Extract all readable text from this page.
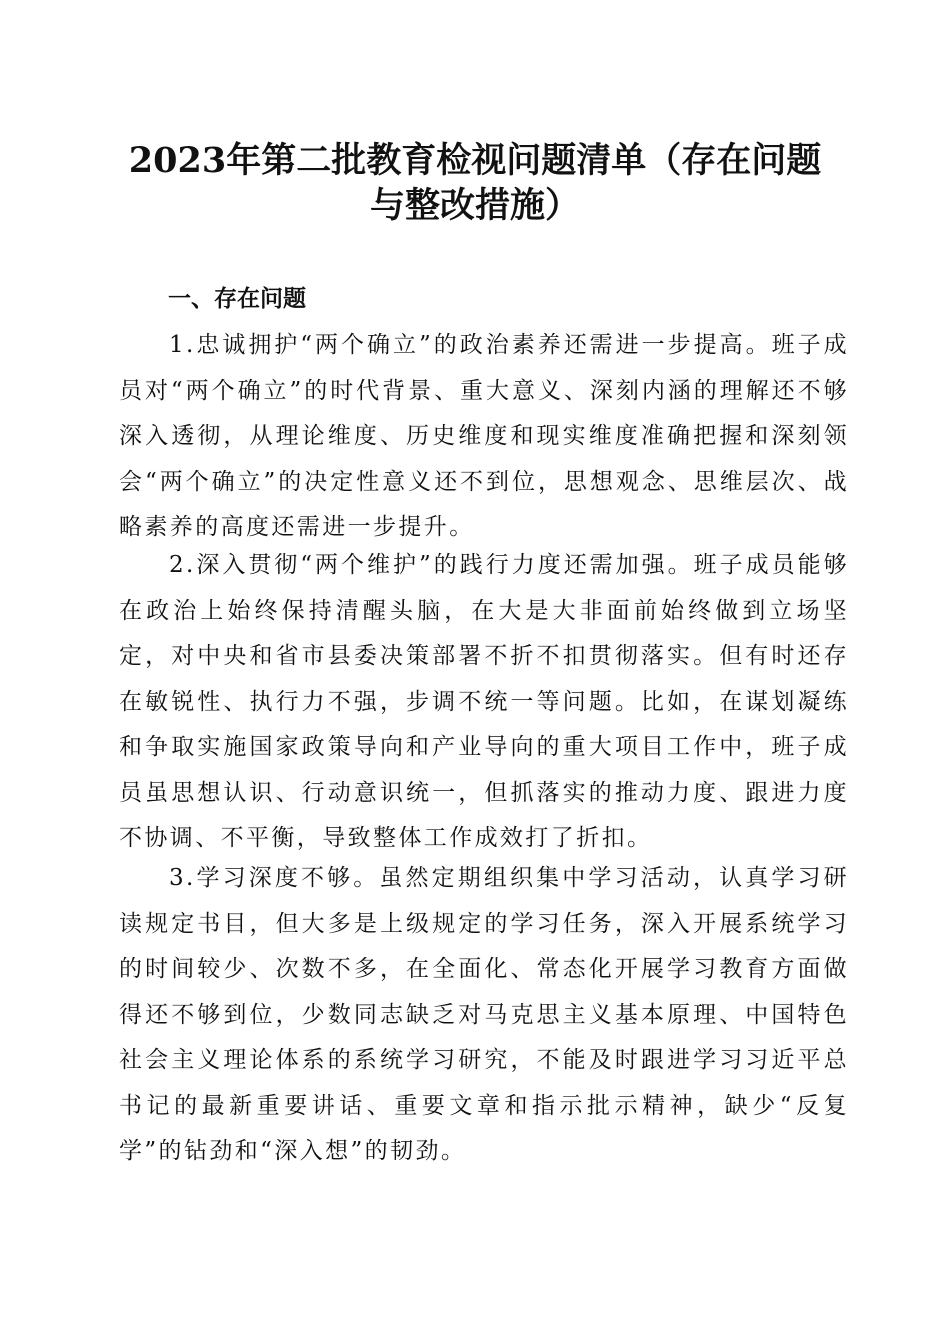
2023年第二批教育检视问题清单（存在问题
与整改措施）
一、存在问题

1.忠诚拥护“两个确立”的政治素养还需进一步提高。班子成员对“两个确立”的时代背景、重大意义、深刻内涵的理解还不够深入透彻，从理论维度、历史维度和现实维度准确把握和深刻领会“两个确立”的决定性意义还不到位，思想观念、思维层次、战略素养的高度还需进一步提升。

2.深入贯彻“两个维护”的践行力度还需加强。班子成员能够在政治上始终保持清醒头脑，在大是大非面前始终做到立场坚定，对中央和省市县委决策部署不折不扣贯彻落实。但有时还存在敏锐性、执行力不强，步调不统一等问题。比如，在谋划凝练和争取实施国家政策导向和产业导向的重大项目工作中，班子成员虽思想认识、行动意识统一，但抓落实的推动力度、跟进力度不协调、不平衡，导致整体工作成效打了折扣。

3.学习深度不够。虽然定期组织集中学习活动，认真学习研读规定书目，但大多是上级规定的学习任务，深入开展系统学习的时间较少、次数不多，在全面化、常态化开展学习教育方面做得还不够到位，少数同志缺乏对马克思主义基本原理、中国特色社会主义理论体系的系统学习研究，不能及时跟进学习习近平总书记的最新重要讲话、重要文章和指示批示精神，缺少“反复学”的钻劲和“深入想”的韧劲。
